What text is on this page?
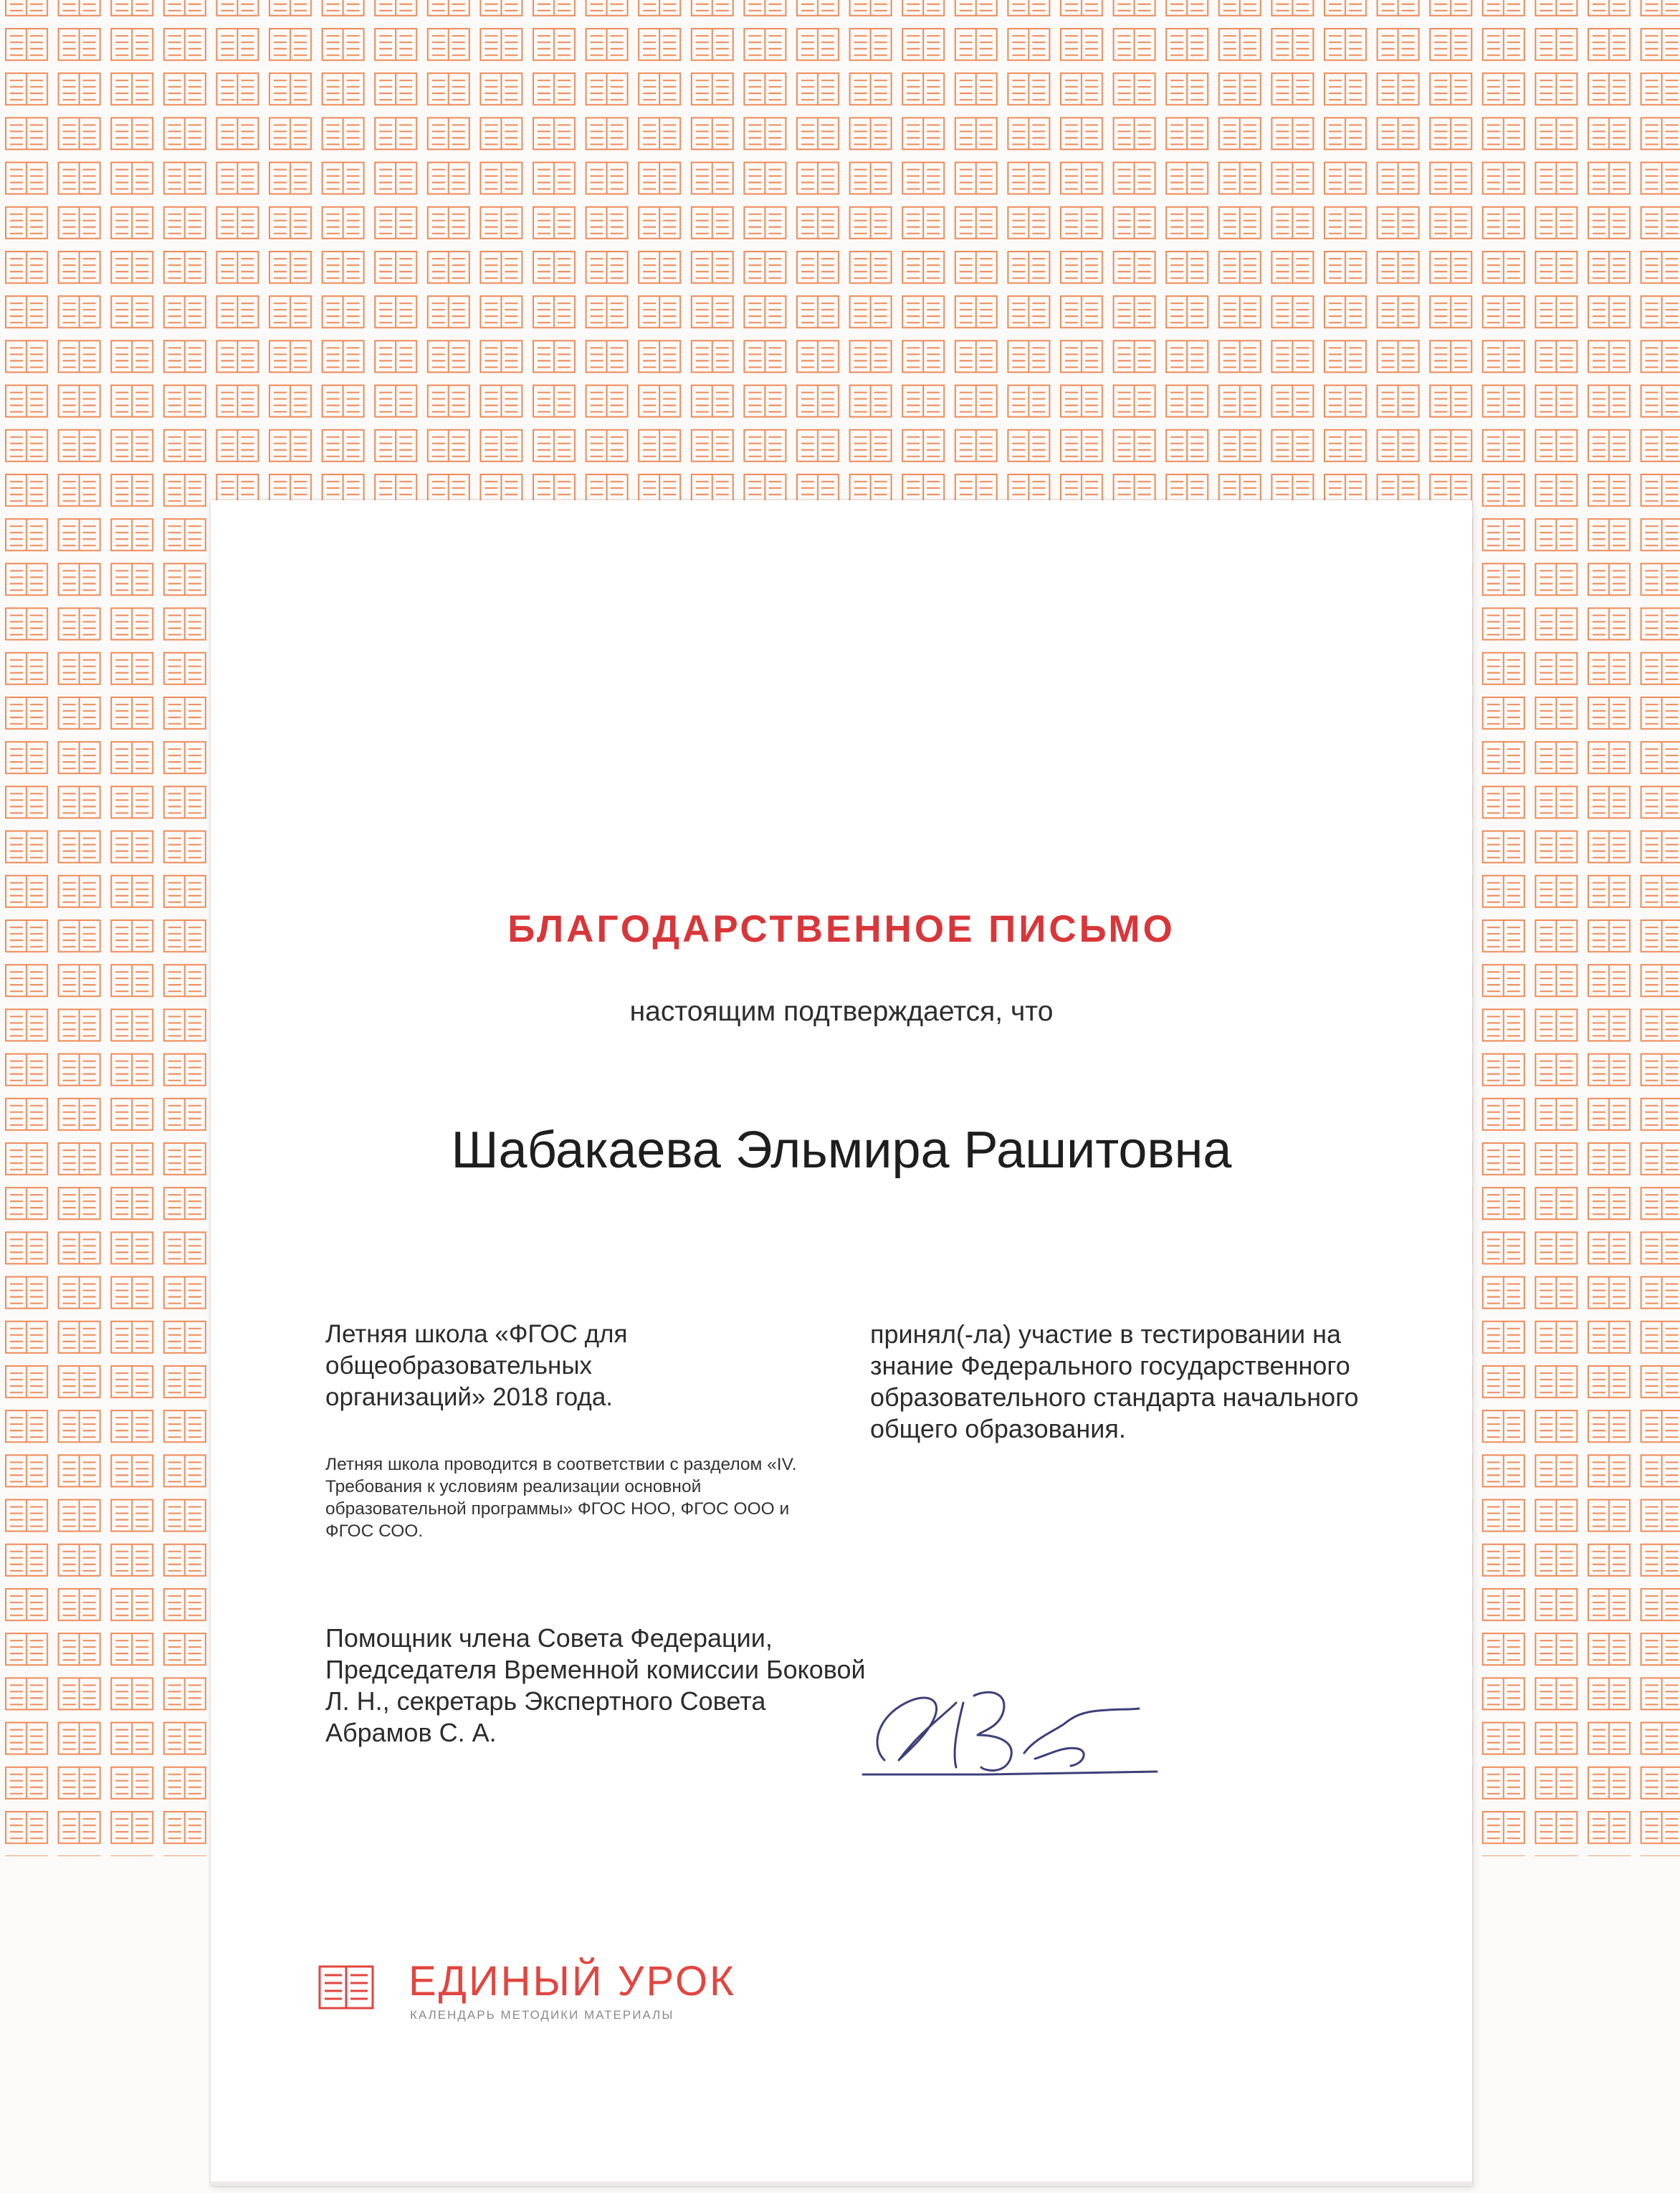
БЛАГОДАРСТВЕННОЕ ПИСЬМО

настоящим подтверждается, что

Шабакаева Эльмира Рашитовна

Летняя школа «ФГОС для общеобразовательных организаций» 2018 года.

Летняя школа проводится в соответствии с разделом «IV. Требования к условиям реализации основной образовательной программы» ФГОС НОО, ФГОС ООО и ФГОС СОО.

Помощник члена Совета Федерации, Председателя Временной комиссии Боковой Л. Н., секретарь Экспертного Совета Абрамов С. А.

принял(-ла) участие в тестировании на знание Федерального государственного образовательного стандарта начального общего образования.

ЕДИНЫЙ УРОК
КАЛЕНДАРЬ МЕТОДИКИ МАТЕРИАЛЫ
